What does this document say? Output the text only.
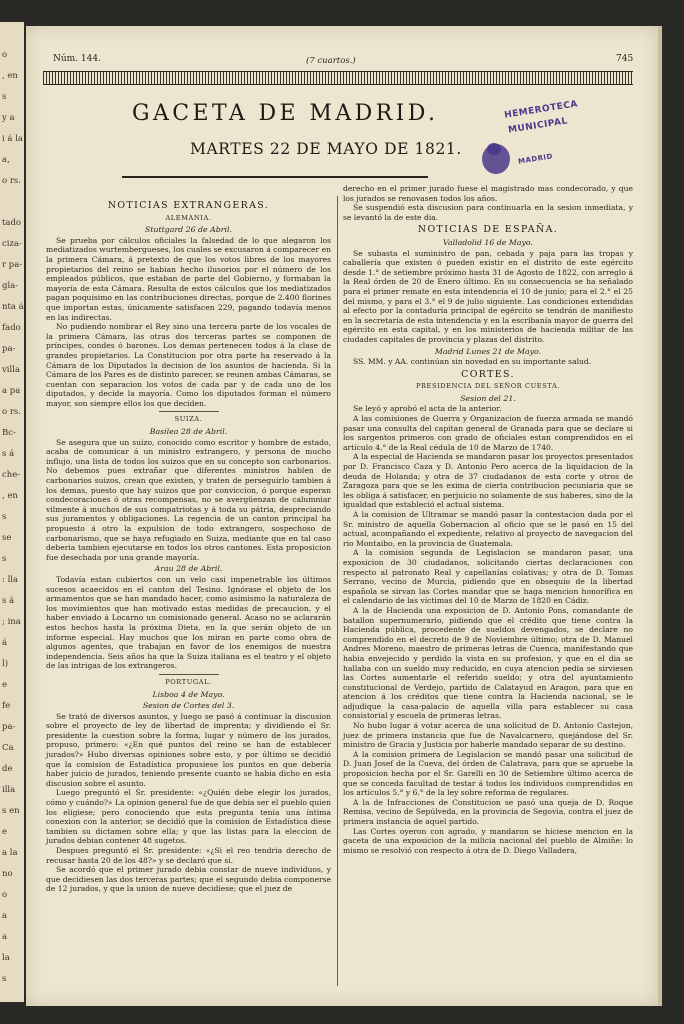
o
, en
s
y a
i á la
a,
o rs.
tado
ciza-
r pa-
gla-
nta á
fado
pa-
villa
a pa
o rs.
Bc-
s á
che-
, en
s
se
s
: lla
s á
; ina
á
l)
e
fe
pa-
Ca
de
illa
s en
e
a la
no
o
a
a
la
s
Núm. 144.	(7 cuartos.)	745
GACETA DE MADRID.
MARTES 22 DE MAYO DE 1821.
HEMEROTECA
MUNICIPAL
MADRID
NOTICIAS EXTRANGERAS.
ALEMANIA.
Stuttgard 26 de Abril.
Se prueba por cálculos oficiales la falsedad de lo que alegaron los mediatizados wurtembergueses, los cuales se excusaron á comparecer en la primera Cámara, á pretexto de que los votos libres de los mayores propietarios del reino se habian hecho ilusorios por el número de los empleados públicos, que estaban de parte del Gobierno, y formaban la mayoría de esta Cámara. Resulta de estos cálculos que los mediatizados pagan poquísimo en las contribuciones directas, porque de 2.400 florines que importan estas, únicamente satisfacen 229, pagando todavía menos en las indirectas.
No pudiendo nombrar el Rey sino una tercera parte de los vocales de la primera Cámara, las otras dos terceras partes se componen de príncipes, condes ó barones. Los demas pertenecen todos á la clase de grandes propietarios. La Constitucion por otra parte ha reservado á la Cámara de los Diputados la decision de los asuntos de hacienda. Si la Cámara de los Pares es de distinto parecer, se reunen ambas Cámaras, se cuentan con separacion los votos de cada par y de cada uno de los diputados, y decide la mayoría. Como los diputados forman el número mayor, son siempre ellos los que deciden.
SUIZA.
Basilea 28 de Abril.
Se asegura que un suizo, conocido como escritor y hombre de estado, acaba de comunicar á un ministro extrangero, y persona de mucho influjo, una lista de todos los suizos que en su concepto son carbonarios. No debemos pues extrañar que diferentes ministros hablen de carbonarios suizos, crean que existen, y traten de perseguirlo tambien á los demas, puesto que hay suizos que por conviccion, ó porque esperan condecoraciones ó otras recompensas, no se avergüenzan de calumniar vilmente á muchos de sus compatriotas y á toda su pátria, despreciando sus juramentos y obligaciones. La regencia de un canton principal ha propuesto á otro la expulsion de todo extrangero, sospechoso de carbonarismo, que se haya refugiado en Suiza, mediante que en tal caso deberia tambien ejecutarse en todos los otros cantones. Esta proposicion fue desechada por una grande mayoría.
Arau 28 de Abril.
Todavía estan cubiertos con un velo casi impenetrable los últimos sucesos acaecidos en el canton del Tesino. Ignórase el objeto de los armamentos que se han mandado hacer, como asimismo la naturaleza de los movimientos que han motivado estas medidas de precaucion, y el haber enviado á Locarno un comisionado general. Acaso no se aclararán estos hechos hasta la próxima Dieta, en la que serán objeto de un informe especial. Hay muchos que los miran en parte como obra de algunos agentes, que trabajan en favor de los enemigos de nuestra independencia. Seis años ha que la Suiza italiana es el teatro y el objeto de las intrigas de los extrangeros.
PORTUGAL.
Lisboa 4 de Mayo.
Sesion de Cortes del 3.
Se trató de diversos asuntos, y luego se pasó á continuar la discusion sobre el proyecto de ley de libertad de imprenta; y dividiendo el Sr. presidente la cuestion sobre la forma, lugar y número de los jurados, propuso, primero: «¿En qué puntos del reino se han de establecer jurados?» Hubo diversas opiniones sobre esto, y por último se decidió que la comision de Estadística propusiese los puntos en que debería haber juicio de jurados, teniendo presente cuanto se habia dicho en esta discusion sobre el asunto.
Luego preguntó el Sr. presidente: «¿Quién debe elegir los jurados, cómo y cuándo?» La opinion general fue de que debia ser el pueblo quien los eligiese; pero conociendo que esta pregunta tenia una íntima conexion con la anterior, se decidió que la comision de Estadística diese tambien su dictamen sobre ella; y que las listas para la eleccion de jurados debian contener 48 sugetos.
Despues preguntó el Sr. presidente: «¿Si el reo tendria derecho de recusar hasta 20 de los 48?» y se declaró que sí.
Se acordó que el primer jurado debia constar de nueve individuos, y que decidiesen las dos terceras partes; que el segundo debia componerse de 12 jurados, y que la union de nueve decidiese; que el juez de
derecho en el primer jurado fuese el magistrado mas condecorado, y que los jurados se renovasen todos los años.
Se suspendió esta discusion para continuarla en la sesion inmediata, y se levantó la de este dia.
NOTICIAS DE ESPAÑA.
Valladolid 16 de Mayo.
Se subasta el suministro de pan, cebada y paja para las tropas y caballería que existen ó pueden existir en el distrito de este egército desde 1.° de setiembre próximo hasta 31 de Agosto de 1822, con arreglo á la Real órden de 20 de Enero último. En su consecuencia se ha señalado para el primer remate en esta intendencia el 10 de junio; para el 2.° el 25 del mismo, y para el 3.° el 9 de julio siguiente. Las condiciones extendidas al efecto por la contaduría principal de egército se tendrán de manifiesto en la secretaría de esta intendencia y en la escribanía mayor de guerra del egército en esta capital, y en los ministerios de hacienda militar de las ciudades capitales de provincia y plazas del distrito.
Madrid Lunes 21 de Mayo.
SS. MM. y AA. continúan sin novedad en su importante salud.
CORTES.
PRESIDENCIA DEL SEÑOR CUESTA.
Sesion del 21.
Se leyó y aprobó el acta de la anterior.
A las comisiones de Guerra y Organizacion de fuerza armada se mandó pasar una consulta del capitan general de Granada para que se declare si los sargentos primeros con grado de oficiales estan comprendidos en el artículo 4.° de la Real cédula de 10 de Marzo de 1740.
A la especial de Hacienda se mandaron pasar los proyectos presentados por D. Francisco Caza y D. Antonio Pero acerca de la liquidacion de la deuda de Holanda; y otra de 37 ciudadanos de esta corte y otros de Zaragoza para que se les exima de cierta contribucion pecuniaria que se les obliga á satisfacer, en perjuicio no solamente de sus haberes, sino de la igualdad que estableció el actual sistema.
A la comision de Ultramar se mandó pasar la contestacion dada por el Sr. ministro de aquella Gobernacion al oficio que se le pasó en 15 del actual, acompañando el expediente, relativo al proyecto de navegacion del rio Montaibo, en la provincia de Guatemala.
A la comision segunda de Legislacion se mandaron pasar, una exposicion de 30 ciudadanos, solicitando ciertas declaraciones con respecto al patronato Real y capellanías colativas; y otra de D. Tomas Serrano, vecino de Murcia, pidiendo que en obsequio de la libertad española se sirvan las Cortes mandar que se haga mencion honorífica en el calendario de las víctimas del 10 de Marzo de 1820 en Cádiz.
A la de Hacienda una exposicion de D. Antonio Pons, comandante de batallon supernumerario, pidiendo que el crédito que tiene contra la Hacienda pública, procedente de sueldos devengados, se declare no comprendido en el decreto de 9 de Noviembre último; otra de D. Manuel Andres Moreno, maestro de primeras letras de Cuenca, manifestando que habia envejecido y perdido la vista en su profesion, y que en el dia se hallaba con un sueldo muy reducido, en cuya atencion pedia se sirviesen las Cortes aumentarle el referido sueldo; y otra del ayuntamiento constitucional de Verdejo, partido de Calatayud en Aragon, para que en atencion á los créditos que tiene contra la Hacienda nacional, se le adjudique la casa-palacio de aquella villa para establecer su casa consistorial y escuela de primeras letras.
No hubo lugar á votar acerca de una solicitud de D. Antonio Castejon, juez de primera instancia que fue de Navalcarnero, quejándose del Sr. ministro de Gracia y Justicia por haberle mandado separar de su destino.
A la comision primera de Legislacion se mandó pasar una solicitud de D. Juan Josef de la Cueva, del órden de Calatrava, para que se apruebe la proposicion hecha por el Sr. Garelli en 30 de Setiembre último acerca de que se conceda facultad de testar á todos los individuos comprendidos en los artículos 5.° y 6.° de la ley sobre reforma de regulares.
A la de Infracciones de Constitucion se pasó una queja de D. Roque Remisa, vecino de Sepúlveda, en la provincia de Segovia, contra el juez de primera instancia de aquel partido.
Las Cortes oyeron con agrado, y mandaron se hiciese mencion en la gaceta de una exposicion de la milicia nacional del pueblo de Almiñe: lo mismo se resolvió con respecto á otra de D. Diego Valladera,
